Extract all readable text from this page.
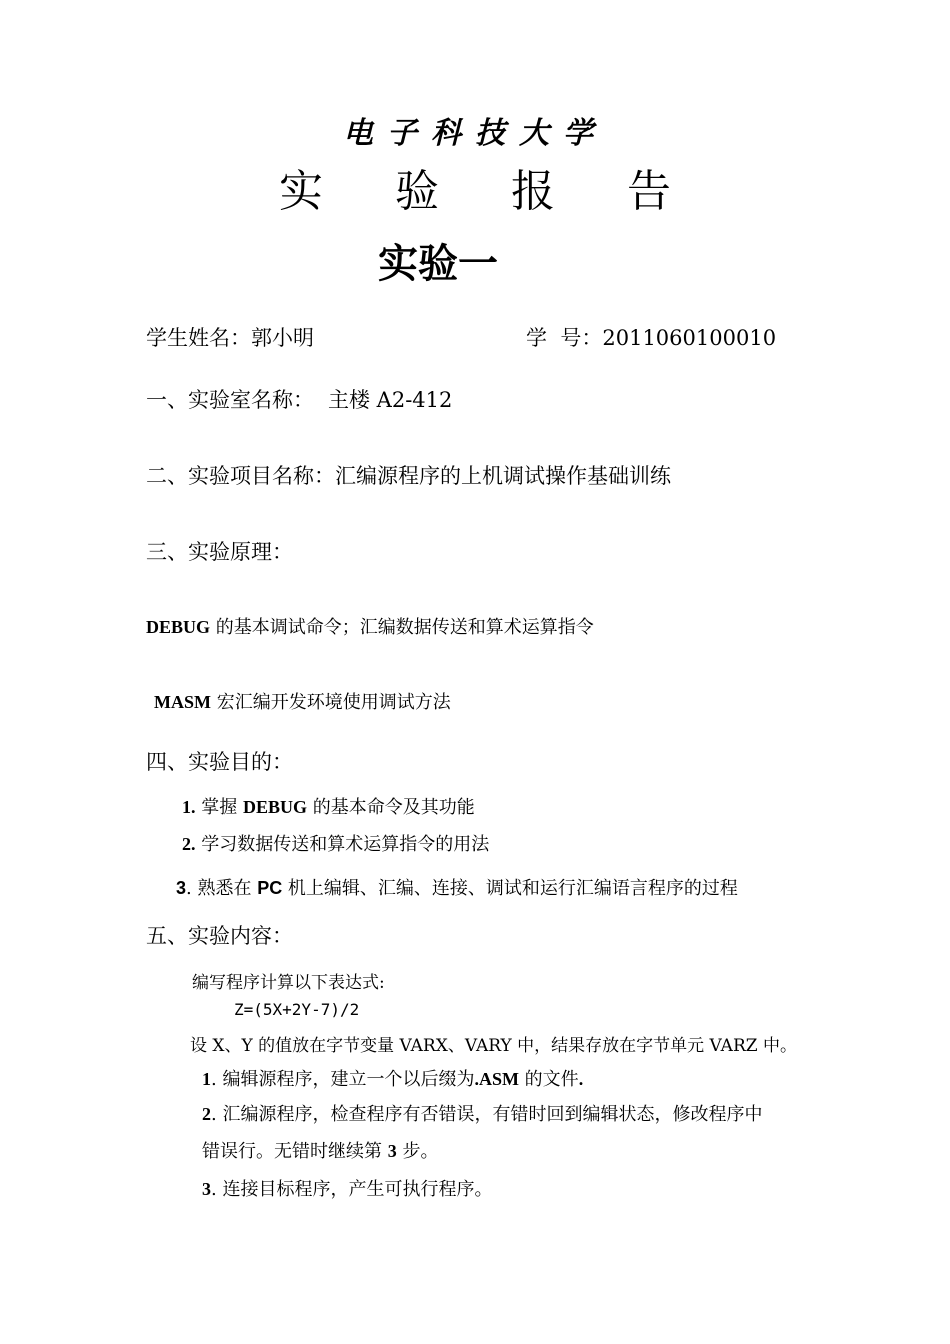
电子科技大学
实 验 报 告
实验一
学生姓名：郭小明	学  号：2011060100010
一、实验室名称： 主楼 A2-412
二、实验项目名称：汇编源程序的上机调试操作基础训练
三、实验原理：
DEBUG 的基本调试命令；汇编数据传送和算术运算指令
MASM 宏汇编开发环境使用调试方法
四、实验目的：
1. 掌握 DEBUG 的基本命令及其功能
2. 学习数据传送和算术运算指令的用法
3. 熟悉在 PC 机上编辑、汇编、连接、调试和运行汇编语言程序的过程
五、实验内容：
编写程序计算以下表达式:
Z=(5X+2Y-7)/2
设 X、Y 的值放在字节变量 VARX、VARY 中，结果存放在字节单元 VARZ 中。
1. 编辑源程序，建立一个以后缀为.ASM 的文件.
2. 汇编源程序，检查程序有否错误，有错时回到编辑状态，修改程序中
错误行。无错时继续第 3 步。
3. 连接目标程序，产生可执行程序。
